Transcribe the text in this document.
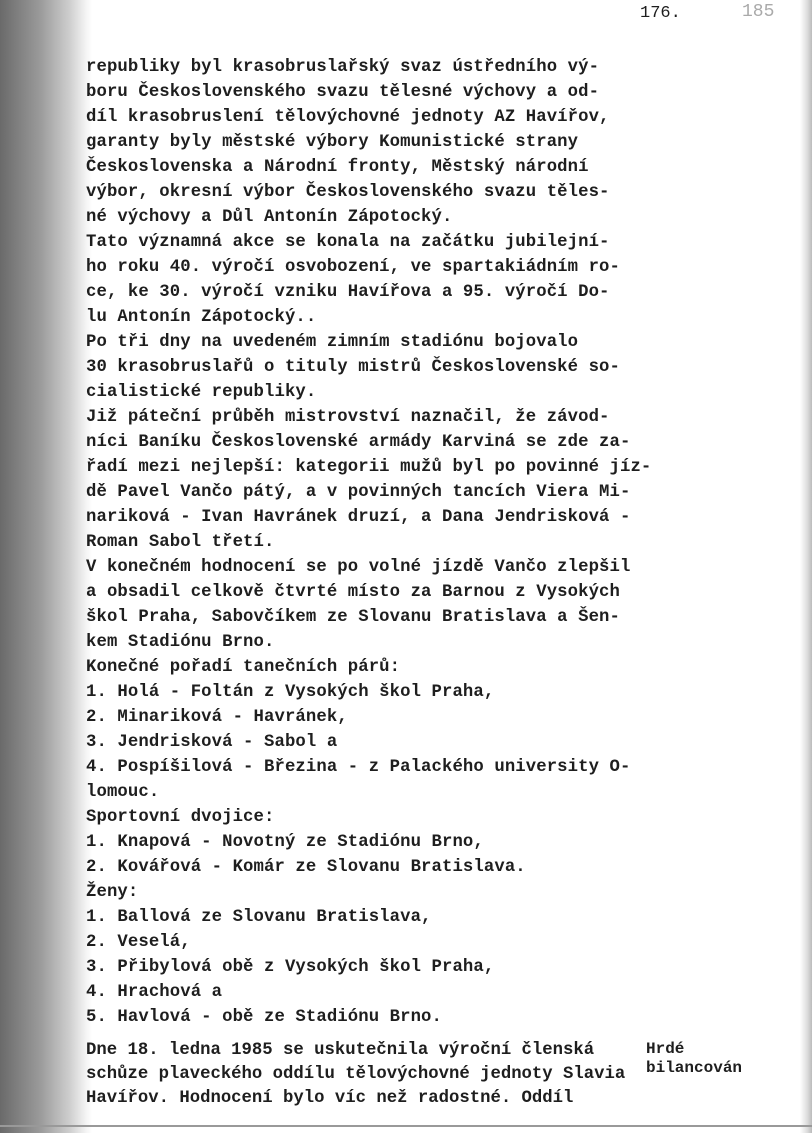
176.	185
republiky byl krasobruslařský svaz ústředního vý-
boru Československého svazu tělesné výchovy a od-
díl krasobruslení tělovýchovné jednoty AZ Havířov,
garanty byly městské výbory Komunistické strany
Československa a Národní fronty, Městský národní
výbor, okresní výbor Československého svazu těles-
né výchovy a Důl Antonín Zápotocký.
Tato významná akce se konala na začátku jubilejní-
ho roku 40. výročí osvobození, ve spartakiádním ro-
ce, ke 30. výročí vzniku Havířova a 95. výročí Do-
lu Antonín Zápotocký..
Po tři dny na uvedeném zimním stadiónu bojovalo
30 krasobruslařů o tituly mistrů Československé so-
cialistické republiky.
Již páteční průběh mistrovství naznačil, že závod-
níci Baníku Československé armády Karviná se zde za-
řadí mezi nejlepší: kategorii mužů byl po povinné jíz-
dě Pavel Vančo pátý, a v povinných tancích Viera Mi-
nariková - Ivan Havránek druzí, a Dana Jendrisková -
Roman Sabol třetí.
V konečném hodnocení se po volné jízdě Vančo zlepšil
a obsadil celkově čtvrté místo za Barnou z Vysokých
škol Praha, Sabovčíkem ze Slovanu Bratislava a Šen-
kem Stadiónu Brno.
Konečné pořadí tanečních párů:
1. Holá - Foltán z Vysokých škol Praha,
2. Minariková - Havránek,
3. Jendrisková - Sabol a
4. Pospíšilová - Březina - z Palackého university O-
lomouc.
Sportovní dvojice:
1. Knapová - Novotný ze Stadiónu Brno,
2. Kovářová - Komár ze Slovanu Bratislava.
Ženy:
1. Ballová ze Slovanu Bratislava,
2. Veselá,
3. Přibylová obě z Vysokých škol Praha,
4. Hrachová a
5. Havlová - obě ze Stadiónu Brno.
Dne 18. ledna 1985 se uskutečnila výroční členská
schůze plaveckého oddílu tělovýchovné jednoty Slavia
Havířov. Hodnocení bylo víc než radostné. Oddíl
Hrdé
bilancován
